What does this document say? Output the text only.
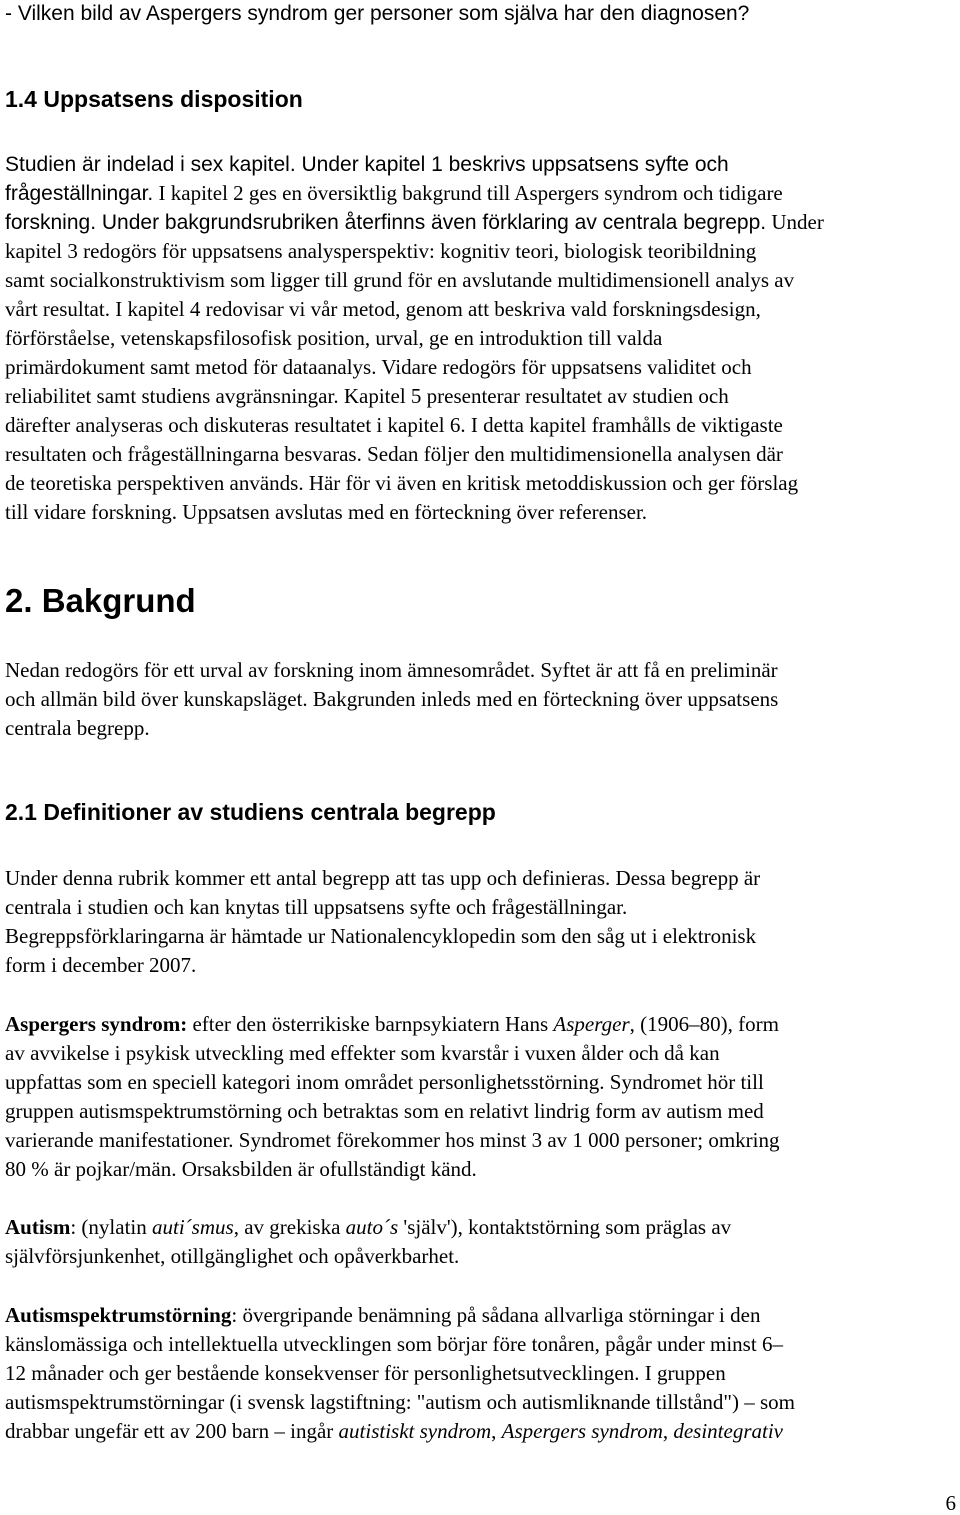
- Vilken bild av Aspergers syndrom ger personer som själva har den diagnosen?

1.4 Uppsatsens disposition
Studien är indelad i sex kapitel. Under kapitel 1 beskrivs uppsatsens syfte och
frågeställningar. I kapitel 2 ges en översiktlig bakgrund till Aspergers syndrom och tidigare
forskning. Under bakgrundsrubriken återfinns även förklaring av centrala begrepp. Under
kapitel 3 redogörs för uppsatsens analysperspektiv: kognitiv teori, biologisk teoribildning
samt socialkonstruktivism som ligger till grund för en avslutande multidimensionell analys av
vårt resultat. I kapitel 4 redovisar vi vår metod, genom att beskriva vald forskningsdesign,
förförståelse, vetenskapsfilosofisk position, urval, ge en introduktion till valda
primärdokument samt metod för dataanalys. Vidare redogörs för uppsatsens validitet och
reliabilitet samt studiens avgränsningar. Kapitel 5 presenterar resultatet av studien och
därefter analyseras och diskuteras resultatet i kapitel 6. I detta kapitel framhålls de viktigaste
resultaten och frågeställningarna besvaras. Sedan följer den multidimensionella analysen där
de teoretiska perspektiven används. Här för vi även en kritisk metoddiskussion och ger förslag
till vidare forskning. Uppsatsen avslutas med en förteckning över referenser.
2. Bakgrund
Nedan redogörs för ett urval av forskning inom ämnesområdet. Syftet är att få en preliminär
och allmän bild över kunskapsläget. Bakgrunden inleds med en förteckning över uppsatsens
centrala begrepp.
2.1 Definitioner av studiens centrala begrepp
Under denna rubrik kommer ett antal begrepp att tas upp och definieras. Dessa begrepp är
centrala i studien och kan knytas till uppsatsens syfte och frågeställningar.
Begreppsförklaringarna är hämtade ur Nationalencyklopedin som den såg ut i elektronisk
form i december 2007.
Aspergers syndrom: efter den österrikiske barnpsykiatern Hans Asperger, (1906–80), form
av avvikelse i psykisk utveckling med effekter som kvarstår i vuxen ålder och då kan
uppfattas som en speciell kategori inom området personlighetsstörning. Syndromet hör till
gruppen autismspektrumstörning och betraktas som en relativt lindrig form av autism med
varierande manifestationer. Syndromet förekommer hos minst 3 av 1 000 personer; omkring
80 % är pojkar/män. Orsaksbilden är ofullständigt känd.
Autism: (nylatin auti´smus, av grekiska auto´s 'själv'), kontaktstörning som präglas av
självförsjunkenhet, otillgänglighet och opåverkbarhet.
Autismspektrumstörning: övergripande benämning på sådana allvarliga störningar i den
känslomässiga och intellektuella utvecklingen som börjar före tonåren, pågår under minst 6–
12 månader och ger bestående konsekvenser för personlighetsutvecklingen. I gruppen
autismspektrumstörningar (i svensk lagstiftning: "autism och autismliknande tillstånd") – som
drabbar ungefär ett av 200 barn – ingår autistiskt syndrom, Aspergers syndrom, desintegrativ
6
